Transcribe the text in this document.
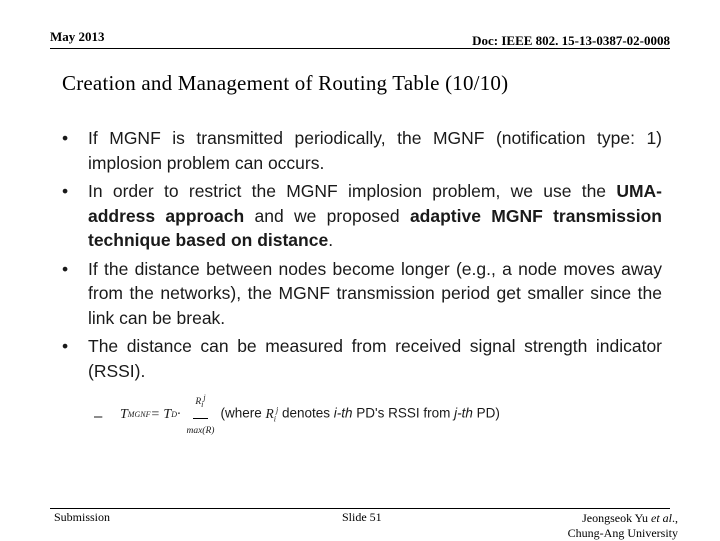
May 2013	Doc: IEEE 802. 15-13-0387-02-0008
Creation and Management of Routing Table (10/10)
• If MGNF is transmitted periodically, the MGNF (notification type: 1) implosion problem can occurs.
• In order to restrict the MGNF implosion problem, we use the UMA-address approach and we proposed adaptive MGNF transmission technique based on distance.
• If the distance between nodes become longer (e.g., a node moves away from the networks), the MGNF transmission period get smaller since the link can be break.
• The distance can be measured from received signal strength indicator (RSSI).
– T MGNF = T $D \cdot \frac{R_i^j}{\max(R)}$ (where $R_i^j$ denotes i-th PD's RSSI from j-th PD)
Submission	Slide 51	Jeongseok Yu et al.,
Chung-Ang University
